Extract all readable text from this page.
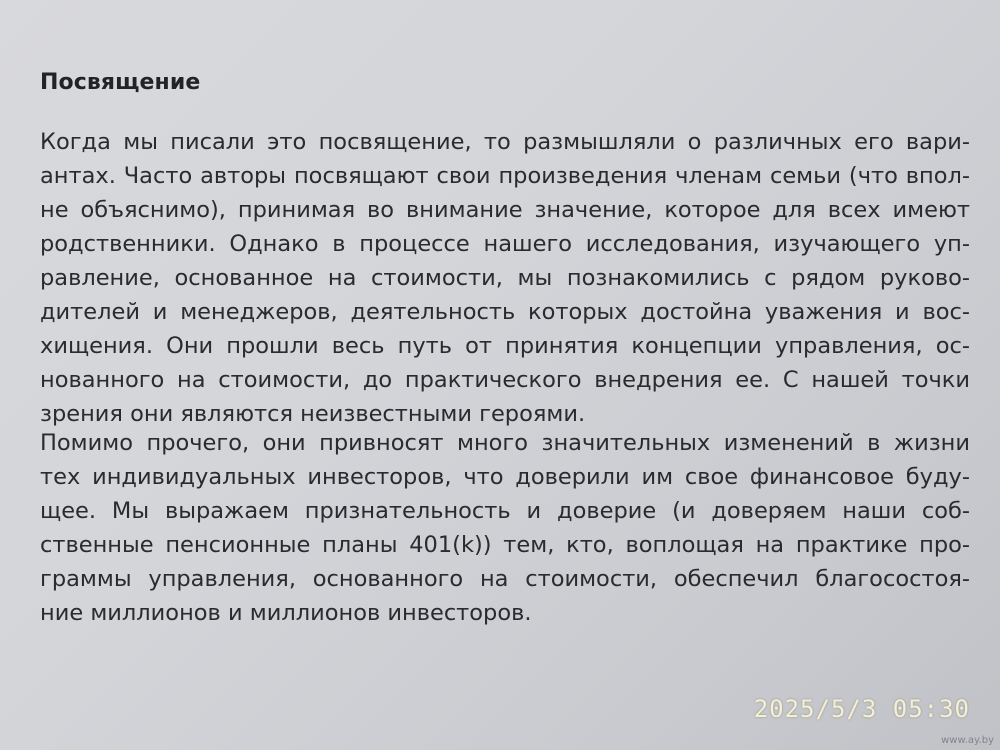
Посвящение
Когда мы писали это посвящение, то размышляли о различных его вари-
антах. Часто авторы посвящают свои произведения членам семьи (что впол-
не объяснимо), принимая во внимание значение, которое для всех имеют
родственники. Однако в процессе нашего исследования, изучающего уп-
равление, основанное на стоимости, мы познакомились с рядом руково-
дителей и менеджеров, деятельность которых достойна уважения и вос-
хищения. Они прошли весь путь от принятия концепции управления, ос-
нованного на стоимости, до практического внедрения ее. С нашей точки
зрения они являются неизвестными героями.
Помимо прочего, они привносят много значительных изменений в жизни
тех индивидуальных инвесторов, что доверили им свое финансовое буду-
щее. Мы выражаем признательность и доверие (и доверяем наши соб-
ственные пенсионные планы 401(k)) тем, кто, воплощая на практике про-
граммы управления, основанного на стоимости, обеспечил благосостоя-
ние миллионов и миллионов инвесторов.
2025/5/3 05:30
www.ay.by
